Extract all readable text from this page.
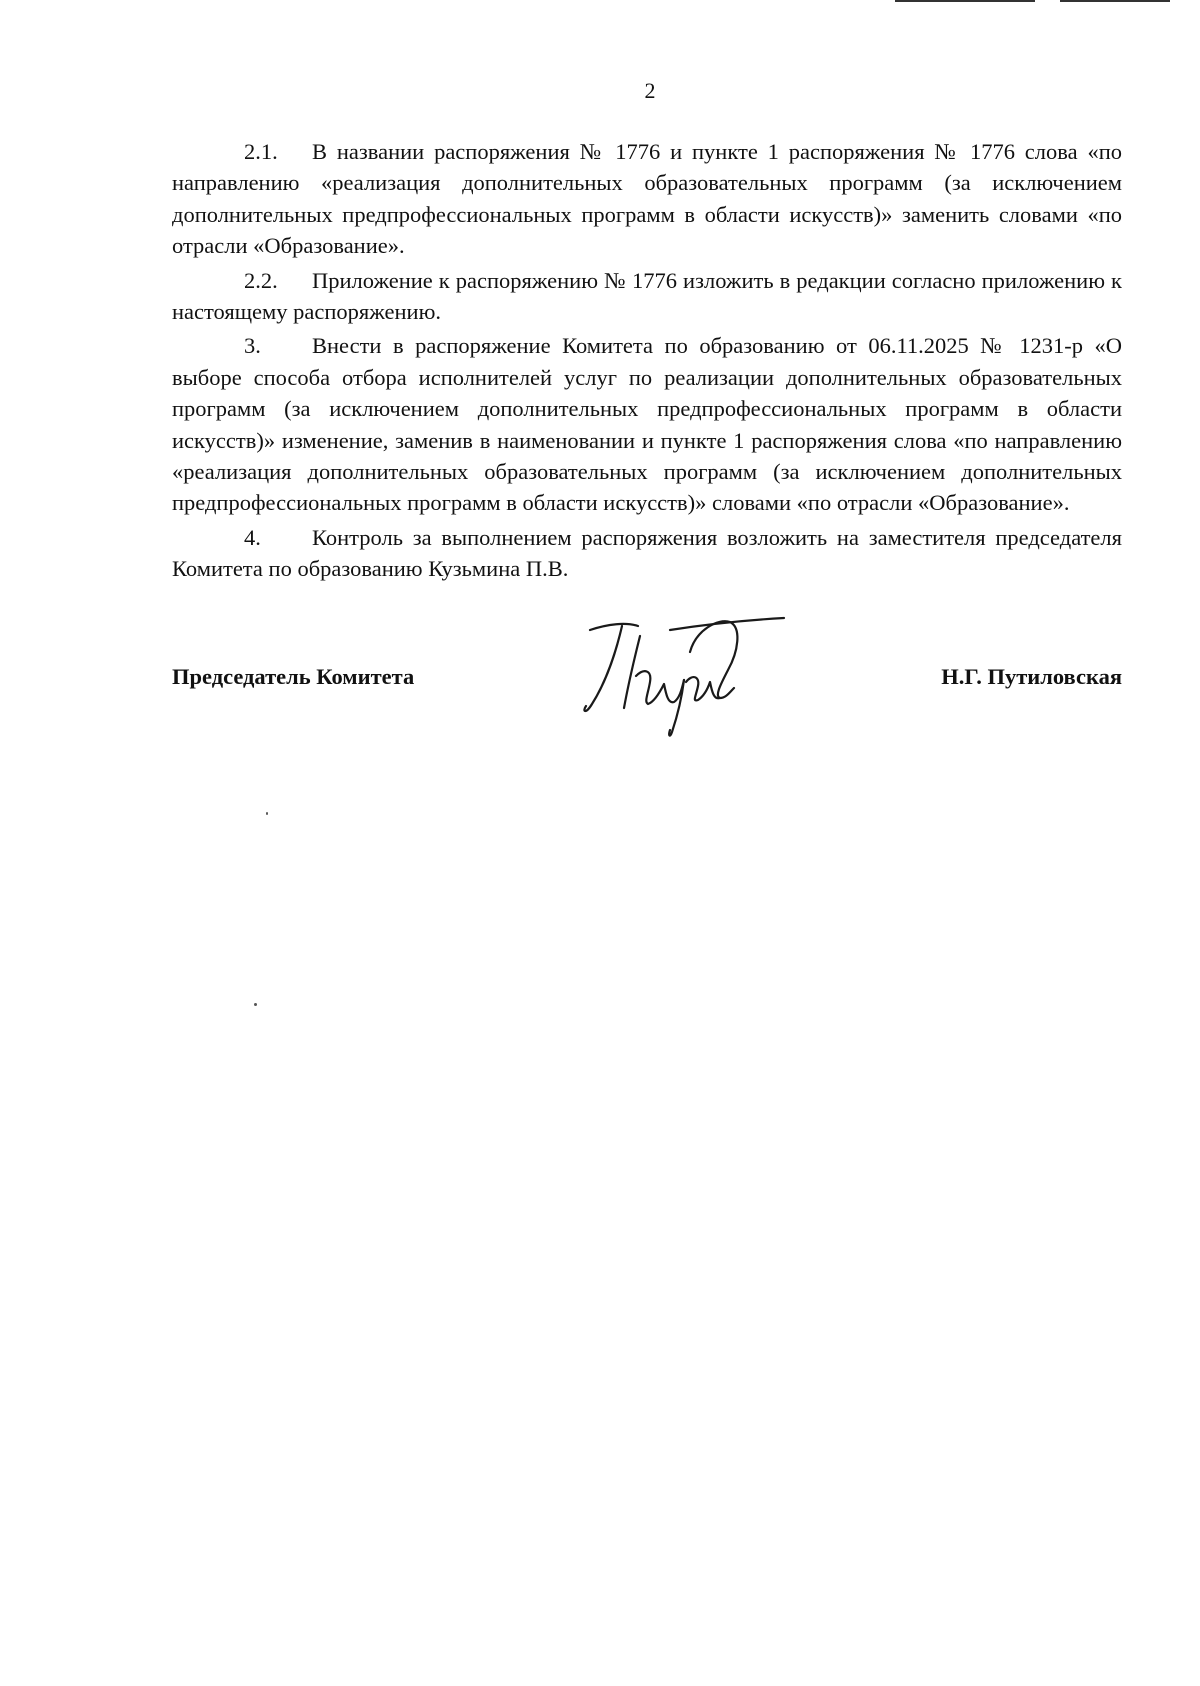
2

2.1. В названии распоряжения № 1776 и пункте 1 распоряжения № 1776 слова «по направлению «реализация дополнительных образовательных программ (за исключением дополнительных предпрофессиональных программ в области искусств)» заменить словами «по отрасли «Образование».

2.2. Приложение к распоряжению № 1776 изложить в редакции согласно приложению к настоящему распоряжению.

3. Внести в распоряжение Комитета по образованию от 06.11.2025 № 1231-р «О выборе способа отбора исполнителей услуг по реализации дополнительных образовательных программ (за исключением дополнительных предпрофессиональных программ в области искусств)» изменение, заменив в наименовании и пункте 1 распоряжения слова «по направлению «реализация дополнительных образовательных программ (за исключением дополнительных предпрофессиональных программ в области искусств)» словами «по отрасли «Образование».

4. Контроль за выполнением распоряжения возложить на заместителя председателя Комитета по образованию Кузьмина П.В.

Председатель Комитета	Н.Г. Путиловская
